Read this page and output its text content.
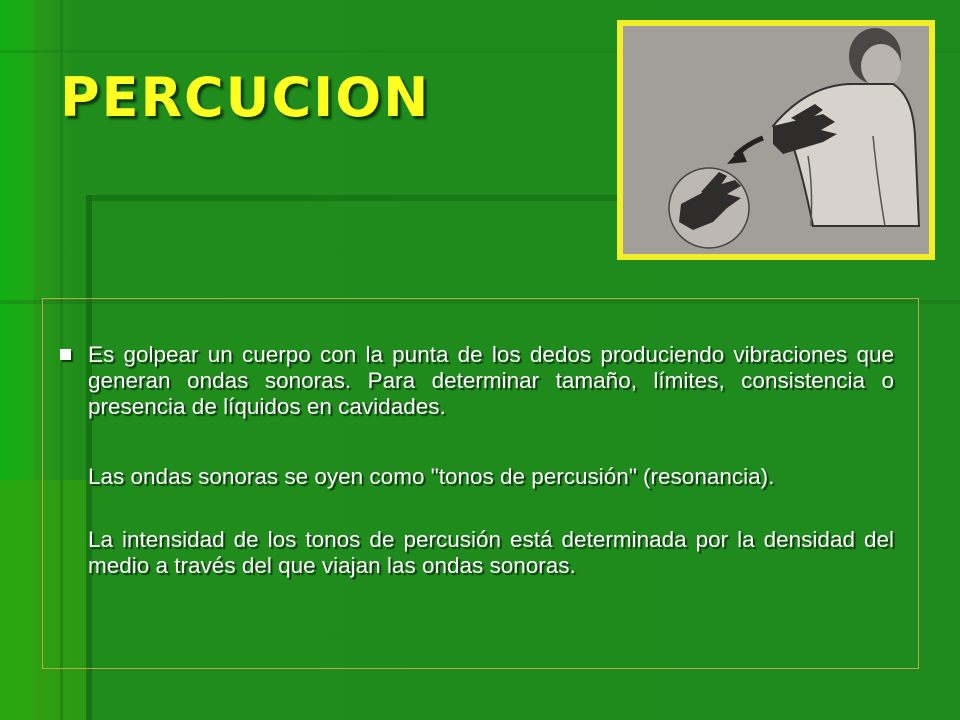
PERCUCION

Es golpear un cuerpo con la punta de los dedos produciendo vibraciones que generan ondas sonoras. Para determinar tamaño, límites, consistencia o presencia de líquidos en cavidades.

Las ondas sonoras se oyen como "tonos de percusión" (resonancia).

La intensidad de los tonos de percusión está determinada por la densidad del medio a través del que viajan las ondas sonoras.
